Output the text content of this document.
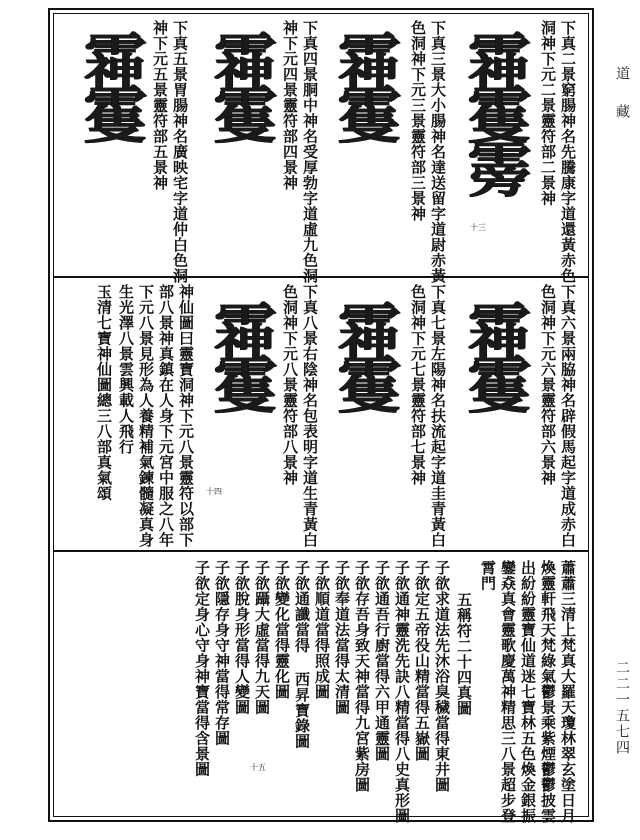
道
藏
下真二景窮腸神名先騰康字道還黃赤色
洞神下元二景靈符部二景神
䨩䨥䨦
下真三景大小腸神名達送留字道尉赤黃
色洞神下元三景靈符部三景神
十三
䨩䨥
下真四景胴中神名受厚勃字道虛九色洞
神下元四景靈符部四景神
䨩䨥
下真五景胃腸神名廣映宅字道仲白色洞
神下元五景靈符部五景神
䨩䨥
下真六景兩脇神名辟假馬起字道成赤白
色洞神下元六景靈符部六景神
䨩䨥
下真七景左陽神名扶流起字道圭青黃白
色洞神下元七景靈符部七景神
䨩䨥
下真八景右陰神名包表明字道生青黃白
色洞神下元八景靈符部八景神
䨩䨥
十四
神仙圖曰靈寶洞神下元八景靈符以部下
部八景神真鎮在人身下元宮中服之八年
下元八景見形為人養精補氣鍊髓凝真身
生光澤八景雲興載人飛行
玉清七寶神仙圖總三八部真氣頌
蕭蕭三清上梵真大羅天瓊林翠玄塗日月
煥靈軒飛天梵綠氣鬱景乘紫煙鬱鬱披雲
出紛紛靈寶仙道迷七寶林五色煥金銀振
鑾猋真會靈歌慶萬神精思三八景超步登
霄門
五稱符二十四真圖
子欲求道法先沐浴臭穢當得東井圖
子欲定五帝役山精當得五嶽圖
子欲通神靈洗先訣八精當得八史真形圖
子欲通吾行廚當得六甲通靈圖
子欲存吾身致天神當得九宮紫房圖
子欲奉道法當得太清圖
子欲順道當得照成圖
子欲通讖當得 西昇寶錄圖
子欲變化當得靈化圖
子欲躡大虛當得九天圖
子欲脫身形當得人變圖
子欲隱存身守神當得常存圖
子欲定身心守身神寶當得含景圖	十五
二二一五七四
